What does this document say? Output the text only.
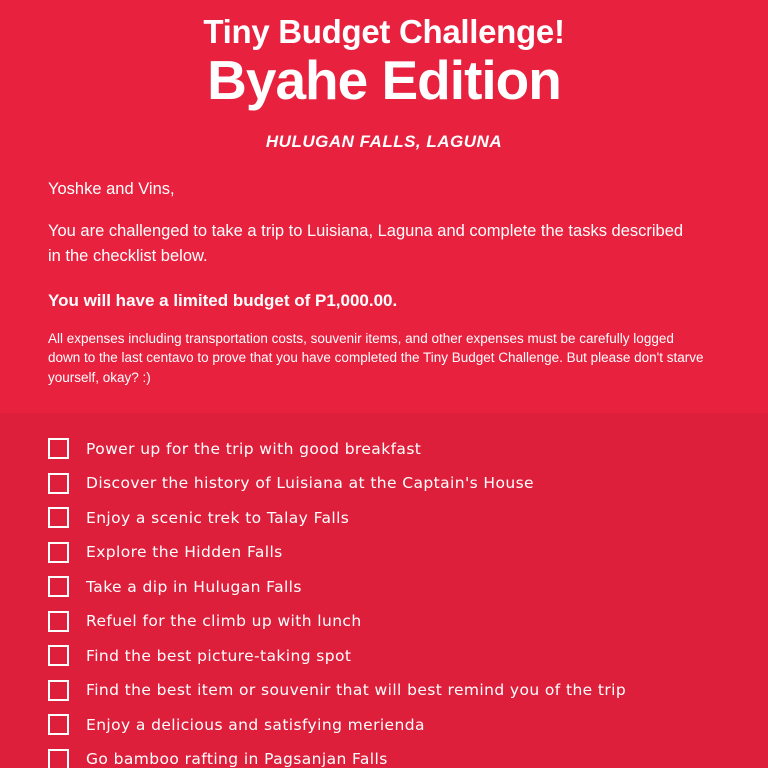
Tiny Budget Challenge!
Byahe Edition
HULUGAN FALLS, LAGUNA
Yoshke and Vins,
You are challenged to take a trip to Luisiana, Laguna and complete the tasks described in the checklist below.
You will have a limited budget of P1,000.00.
All expenses including transportation costs, souvenir items, and other expenses must be carefully logged down to the last centavo to prove that you have completed the Tiny Budget Challenge. But please don't starve yourself, okay? :)
Power up for the trip with good breakfast
Discover the history of Luisiana at the Captain's House
Enjoy a scenic trek to Talay Falls
Explore the Hidden Falls
Take a dip in Hulugan Falls
Refuel for the climb up with lunch
Find the best picture-taking spot
Find the best item or souvenir that will best remind you of the trip
Enjoy a delicious and satisfying merienda
Go bamboo rafting in Pagsanjan Falls
